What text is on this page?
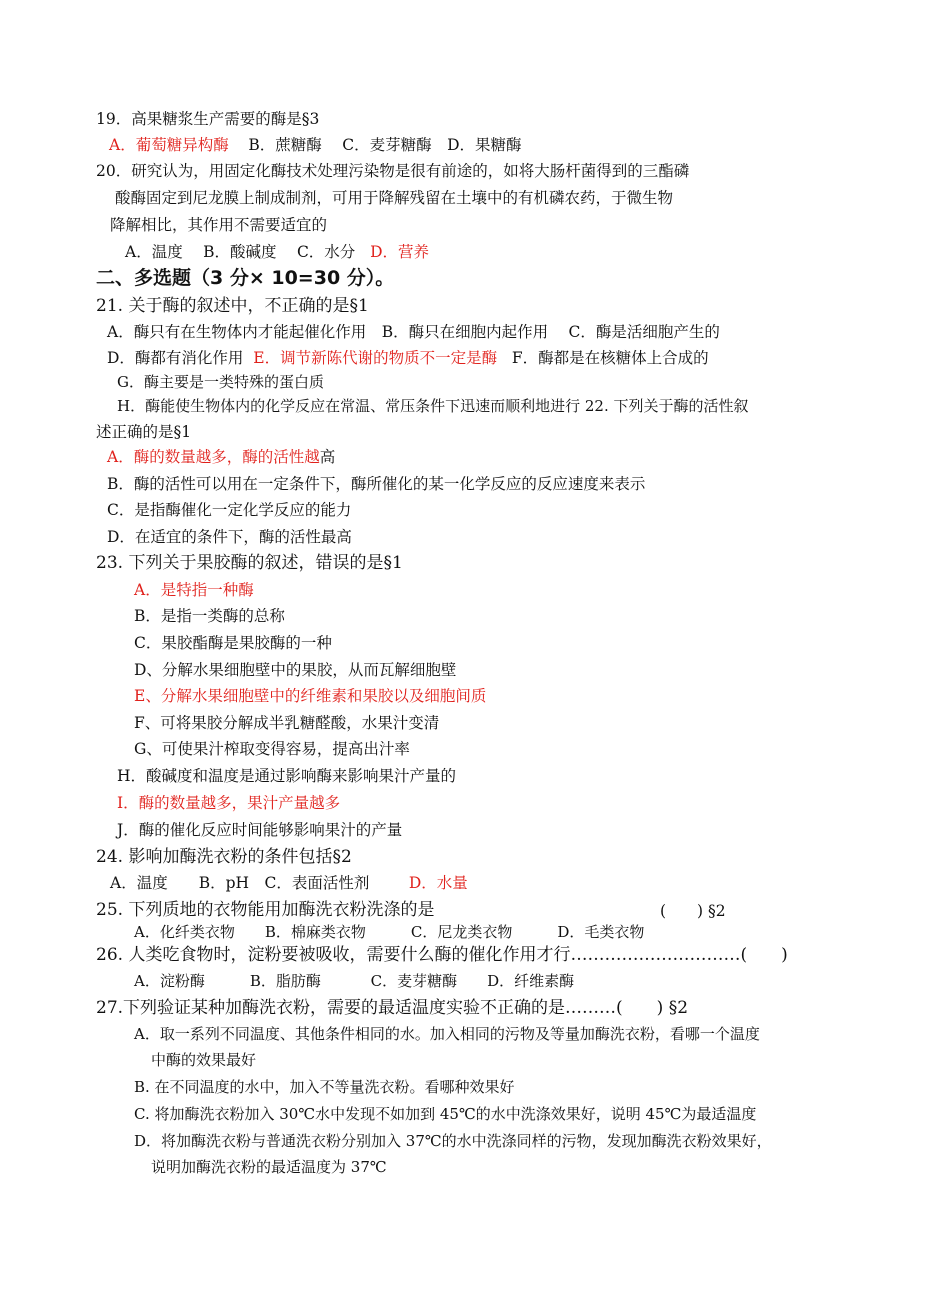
19．高果糖浆生产需要的酶是§3
A．葡萄糖异构酶 B．蔗糖酶　 C．麦芽糖酶　D．果糖酶
20．研究认为，用固定化酶技术处理污染物是很有前途的，如将大肠杆菌得到的三酯磷
酸酶固定到尼龙膜上制成制剂，可用于降解残留在土壤中的有机磷农药，于微生物
降解相比，其作用不需要适宜的
A．温度　 B．酸碱度　 C．水分 D．营养
二、多选题（3 分× 10=30 分）。
21. 关于酶的叙述中，不正确的是§1
A．酶只有在生物体内才能起催化作用　B．酶只在细胞内起作用　 C．酶是活细胞产生的
D．酶都有消化作用 E．调节新陈代谢的物质不一定是酶 F．酶都是在核糖体上合成的
G．酶主要是一类特殊的蛋白质
H．酶能使生物体内的化学反应在常温、常压条件下迅速而顺利地进行 22. 下列关于酶的活性叙
述正确的是§1
A．酶的数量越多，酶的活性越高
B．酶的活性可以用在一定条件下，酶所催化的某一化学反应的反应速度来表示
C．是指酶催化一定化学反应的能力
D．在适宜的条件下，酶的活性最高
23. 下列关于果胶酶的叙述，错误的是§1
A．是特指一种酶
B．是指一类酶的总称
C．果胶酯酶是果胶酶的一种
D、分解水果细胞壁中的果胶，从而瓦解细胞壁
E、分解水果细胞壁中的纤维素和果胶以及细胞间质
F、可将果胶分解成半乳糖醛酸，水果汁变清
G、可使果汁榨取变得容易，提高出汁率
H．酸碱度和温度是通过影响酶来影响果汁产量的
I．酶的数量越多，果汁产量越多
J．酶的催化反应时间能够影响果汁的产量
24. 影响加酶洗衣粉的条件包括§2
A．温度　　B．pH　C．表面活性剂	D．水量
25. 下列质地的衣物能用加酶洗衣粉洗涤的是	(　　) §2
A．化纤类衣物　　B．棉麻类衣物　　　C．尼龙类衣物　　　D．毛类衣物
26. 人类吃食物时，淀粉要被吸收，需要什么酶的催化作用才行…………………………(　　)
A．淀粉酶　　　B．脂肪酶　　　 C．麦芽糖酶　　D．纤维素酶
27.下列验证某种加酶洗衣粉，需要的最适温度实验不正确的是………(　　) §2
A．取一系列不同温度、其他条件相同的水。加入相同的污物及等量加酶洗衣粉，看哪一个温度
中酶的效果最好
B. 在不同温度的水中，加入不等量洗衣粉。看哪种效果好
C. 将加酶洗衣粉加入 30℃水中发现不如加到 45℃的水中洗涤效果好，说明 45℃为最适温度
D．将加酶洗衣粉与普通洗衣粉分别加入 37℃的水中洗涤同样的污物，发现加酶洗衣粉效果好，
说明加酶洗衣粉的最适温度为 37℃
